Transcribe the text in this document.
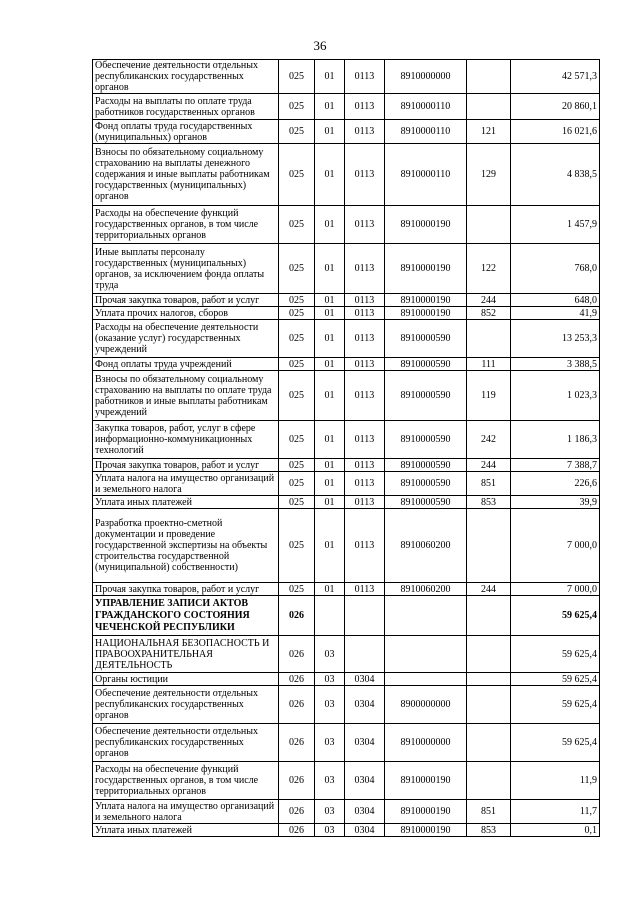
36
Обеспечение деятельности отдельных республиканских государственных органов	025	01	0113	8910000000		42 571,3
Расходы на выплаты по оплате труда работников государственных органов	025	01	0113	8910000110		20 860,1
Фонд оплаты труда государственных (муниципальных) органов	025	01	0113	8910000110	121	16 021,6
Взносы по обязательному социальному страхованию на выплаты денежного содержания и иные выплаты работникам государственных (муниципальных) органов	025	01	0113	8910000110	129	4 838,5
Расходы на обеспечение функций государственных органов, в том числе территориальных органов	025	01	0113	8910000190		1 457,9
Иные выплаты персоналу государственных (муниципальных) органов, за исключением фонда оплаты труда	025	01	0113	8910000190	122	768,0
Прочая закупка товаров, работ и услуг	025	01	0113	8910000190	244	648,0
Уплата прочих налогов, сборов	025	01	0113	8910000190	852	41,9
Расходы на обеспечение деятельности (оказание услуг) государственных учреждений	025	01	0113	8910000590		13 253,3
Фонд оплаты труда учреждений	025	01	0113	8910000590	111	3 388,5
Взносы по обязательному социальному страхованию на выплаты по оплате труда работников и иные выплаты работникам учреждений	025	01	0113	8910000590	119	1 023,3
Закупка товаров, работ, услуг в сфере информационно-коммуникационных технологий	025	01	0113	8910000590	242	1 186,3
Прочая закупка товаров, работ и услуг	025	01	0113	8910000590	244	7 388,7
Уплата налога на имущество организаций и земельного налога	025	01	0113	8910000590	851	226,6
Уплата иных платежей	025	01	0113	8910000590	853	39,9
Разработка проектно-сметной документации и проведение государственной экспертизы на объекты строительства государственной (муниципальной) собственности)	025	01	0113	8910060200		7 000,0
Прочая закупка товаров, работ и услуг	025	01	0113	8910060200	244	7 000,0
УПРАВЛЕНИЕ ЗАПИСИ АКТОВ ГРАЖДАНСКОГО СОСТОЯНИЯ ЧЕЧЕНСКОЙ РЕСПУБЛИКИ	026					59 625,4
НАЦИОНАЛЬНАЯ БЕЗОПАСНОСТЬ И ПРАВООХРАНИТЕЛЬНАЯ ДЕЯТЕЛЬНОСТЬ	026	03				59 625,4
Органы юстиции	026	03	0304			59 625,4
Обеспечение деятельности отдельных республиканских государственных органов	026	03	0304	8900000000		59 625,4
Обеспечение деятельности отдельных республиканских государственных органов	026	03	0304	8910000000		59 625,4
Расходы на обеспечение функций государственных органов, в том числе территориальных органов	026	03	0304	8910000190		11,9
Уплата налога на имущество организаций и земельного налога	026	03	0304	8910000190	851	11,7
Уплата иных платежей	026	03	0304	8910000190	853	0,1
